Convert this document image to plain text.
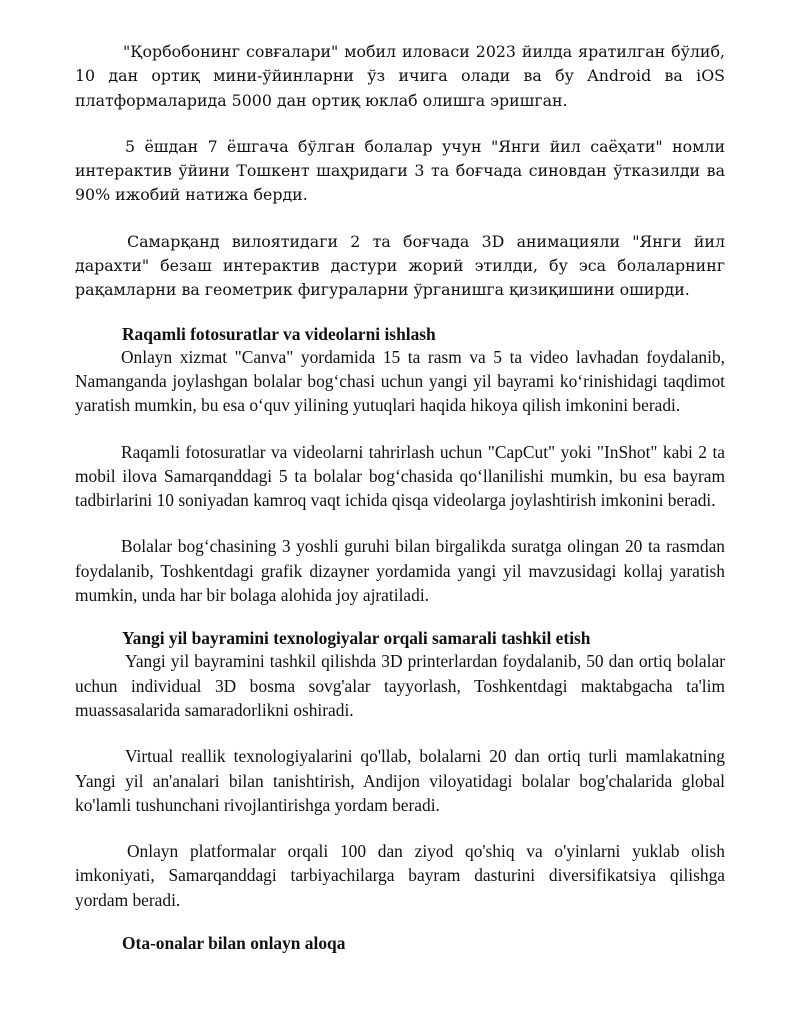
"Қорбобонинг совғалари" мобил иловаси 2023 йилда яратилган бўлиб, 10 дан ортиқ мини-ўйинларни ўз ичига олади ва бу Android ва iOS платформаларида 5000 дан ортиқ юклаб олишга эришган.

5 ёшдан 7 ёшгача бўлган болалар учун "Янги йил саёҳати" номли интерактив ўйини Тошкент шаҳридаги 3 та боғчада синовдан ўтказилди ва 90% ижобий натижа берди.

Самарқанд вилоятидаги 2 та боғчада 3D анимацияли "Янги йил дарахти" безаш интерактив дастури жорий этилди, бу эса болаларнинг рақамларни ва геометрик фигураларни ўрганишга қизиқишини оширди.

Raqamli fotosuratlar va videolarni ishlash

Onlayn xizmat "Canva" yordamida 15 ta rasm va 5 ta video lavhadan foydalanib, Namanganda joylashgan bolalar bog‘chasi uchun yangi yil bayrami ko‘rinishidagi taqdimot yaratish mumkin, bu esa o‘quv yilining yutuqlari haqida hikoya qilish imkonini beradi.

Raqamli fotosuratlar va videolarni tahrirlash uchun "CapCut" yoki "InShot" kabi 2 ta mobil ilova Samarqanddagi 5 ta bolalar bog‘chasida qo‘llanilishi mumkin, bu esa bayram tadbirlarini 10 soniyadan kamroq vaqt ichida qisqa videolarga joylashtirish imkonini beradi.

Bolalar bog‘chasining 3 yoshli guruhi bilan birgalikda suratga olingan 20 ta rasmdan foydalanib, Toshkentdagi grafik dizayner yordamida yangi yil mavzusidagi kollaj yaratish mumkin, unda har bir bolaga alohida joy ajratiladi.

Yangi yil bayramini texnologiyalar orqali samarali tashkil etish

Yangi yil bayramini tashkil qilishda 3D printerlardan foydalanib, 50 dan ortiq bolalar uchun individual 3D bosma sovg'alar tayyorlash, Toshkentdagi maktabgacha ta'lim muassasalarida samaradorlikni oshiradi.

Virtual reallik texnologiyalarini qo'llab, bolalarni 20 dan ortiq turli mamlakatning Yangi yil an'analari bilan tanishtirish, Andijon viloyatidagi bolalar bog'chalarida global ko'lamli tushunchani rivojlantirishga yordam beradi.

Onlayn platformalar orqali 100 dan ziyod qo'shiq va o'yinlarni yuklab olish imkoniyati, Samarqanddagi tarbiyachilarga bayram dasturini diversifikatsiya qilishga yordam beradi.

Ota-onalar bilan onlayn aloqa
